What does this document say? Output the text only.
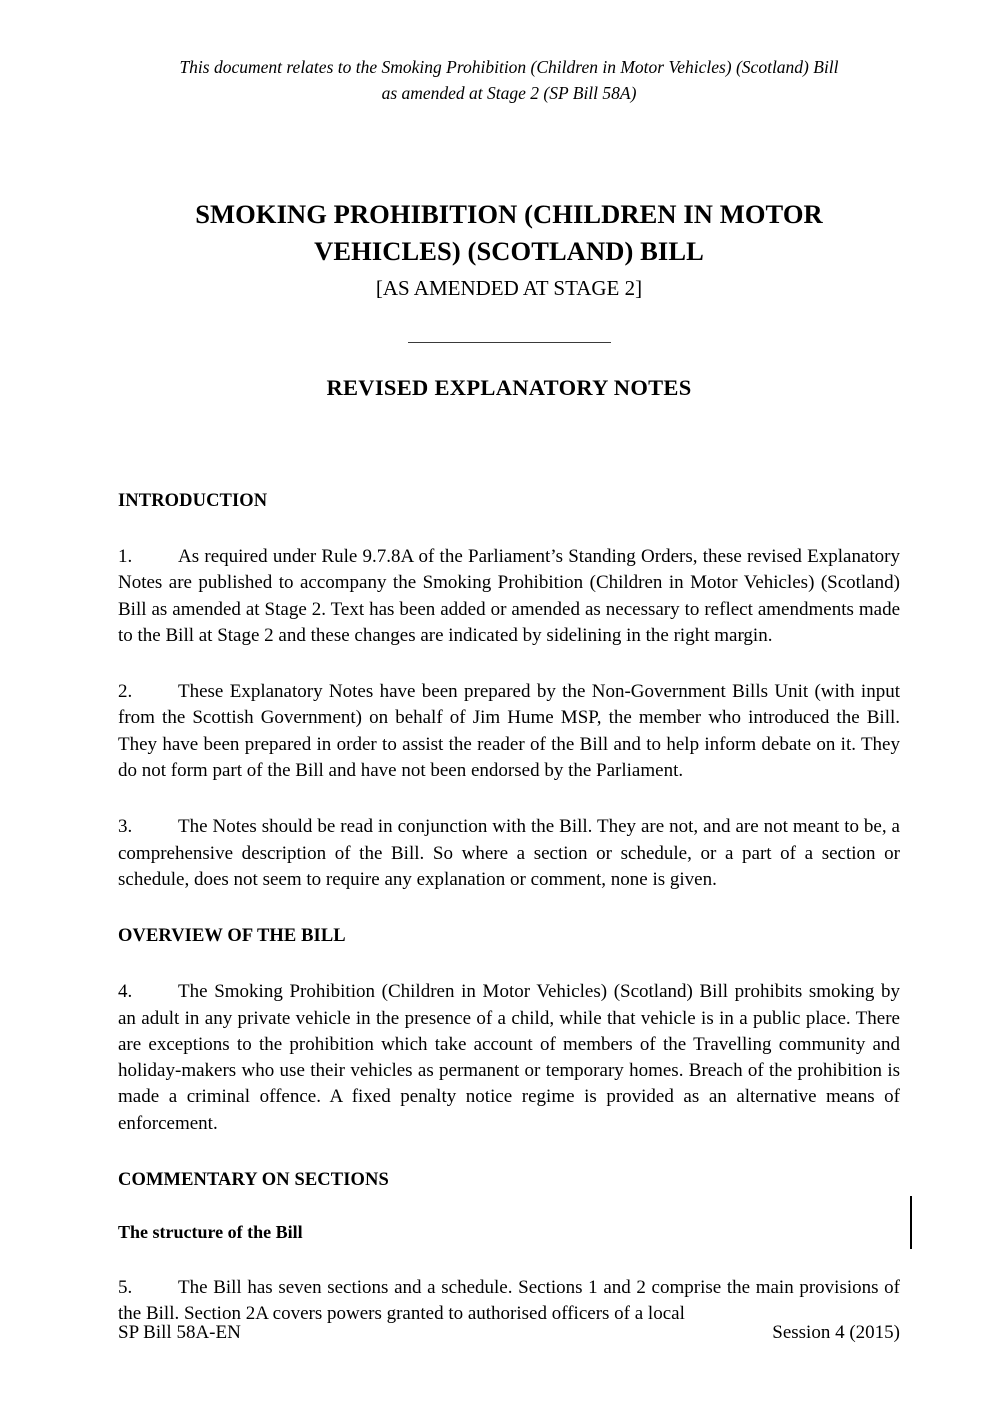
This document relates to the Smoking Prohibition (Children in Motor Vehicles) (Scotland) Bill
as amended at Stage 2 (SP Bill 58A)
SMOKING PROHIBITION (CHILDREN IN MOTOR
VEHICLES) (SCOTLAND) BILL
[AS AMENDED AT STAGE 2]
REVISED EXPLANATORY NOTES
INTRODUCTION

1. As required under Rule 9.7.8A of the Parliament’s Standing Orders, these revised Explanatory Notes are published to accompany the Smoking Prohibition (Children in Motor Vehicles) (Scotland) Bill as amended at Stage 2. Text has been added or amended as necessary to reflect amendments made to the Bill at Stage 2 and these changes are indicated by sidelining in the right margin.

2. These Explanatory Notes have been prepared by the Non-Government Bills Unit (with input from the Scottish Government) on behalf of Jim Hume MSP, the member who introduced the Bill. They have been prepared in order to assist the reader of the Bill and to help inform debate on it. They do not form part of the Bill and have not been endorsed by the Parliament.

3. The Notes should be read in conjunction with the Bill. They are not, and are not meant to be, a comprehensive description of the Bill. So where a section or schedule, or a part of a section or schedule, does not seem to require any explanation or comment, none is given.

OVERVIEW OF THE BILL

4. The Smoking Prohibition (Children in Motor Vehicles) (Scotland) Bill prohibits smoking by an adult in any private vehicle in the presence of a child, while that vehicle is in a public place. There are exceptions to the prohibition which take account of members of the Travelling community and holiday-makers who use their vehicles as permanent or temporary homes. Breach of the prohibition is made a criminal offence. A fixed penalty notice regime is provided as an alternative means of enforcement.

COMMENTARY ON SECTIONS
The structure of the Bill

5. The Bill has seven sections and a schedule. Sections 1 and 2 comprise the main provisions of the Bill. Section 2A covers powers granted to authorised officers of a local

SP Bill 58A-EN	Session 4 (2015)
